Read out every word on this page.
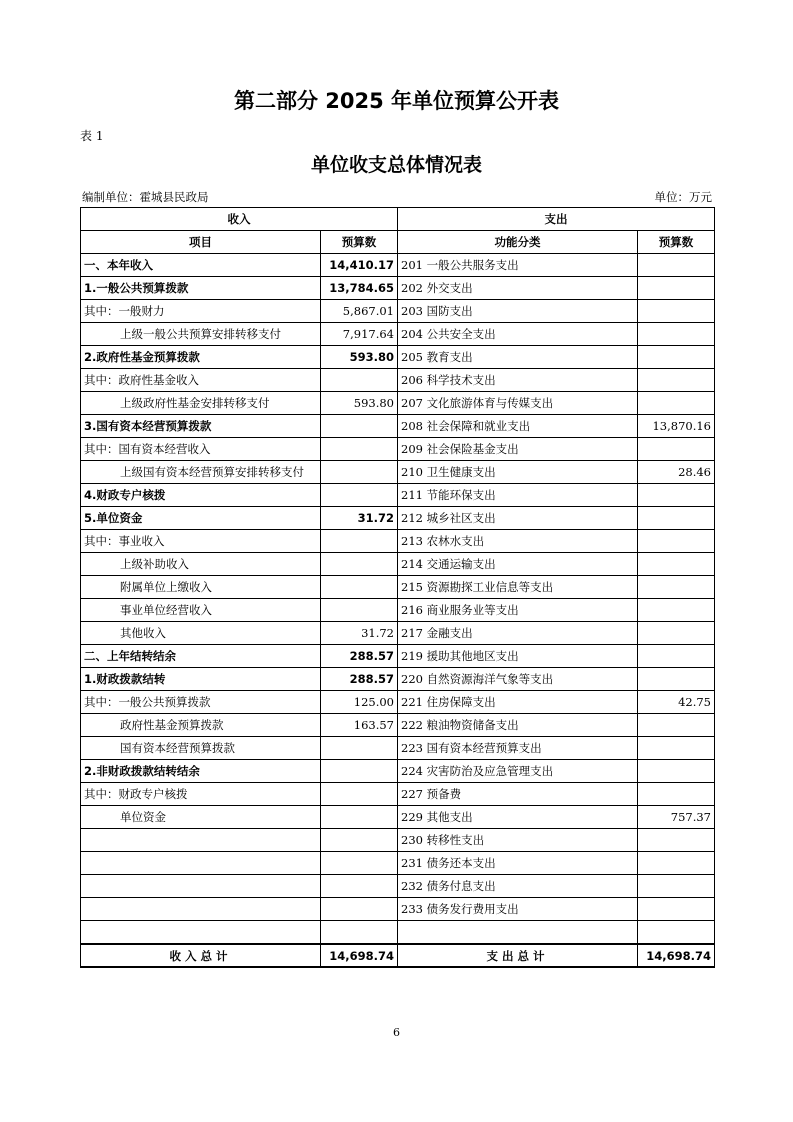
第二部分 2025 年单位预算公开表
表 1
单位收支总体情况表
编制单位：霍城县民政局	单位：万元
收入		支出	
项目	预算数	功能分类	预算数
一、本年收入	14,410.17	201 一般公共服务支出	
1.一般公共预算拨款	13,784.65	202 外交支出	
其中：一般财力	5,867.01	203 国防支出	
上级一般公共预算安排转移支付	7,917.64	204 公共安全支出	
2.政府性基金预算拨款	593.80	205 教育支出	
其中：政府性基金收入		206 科学技术支出	
上级政府性基金安排转移支付	593.80	207 文化旅游体育与传媒支出	
3.国有资本经营预算拨款		208 社会保障和就业支出	13,870.16
其中：国有资本经营收入		209 社会保险基金支出	
上级国有资本经营预算安排转移支付		210 卫生健康支出	28.46
4.财政专户核拨		211 节能环保支出	
5.单位资金	31.72	212 城乡社区支出	
其中：事业收入		213 农林水支出	
上级补助收入		214 交通运输支出	
附属单位上缴收入		215 资源勘探工业信息等支出	
事业单位经营收入		216 商业服务业等支出	
其他收入	31.72	217 金融支出	
二、上年结转结余	288.57	219 援助其他地区支出	
1.财政拨款结转	288.57	220 自然资源海洋气象等支出	
其中：一般公共预算拨款	125.00	221 住房保障支出	42.75
政府性基金预算拨款	163.57	222 粮油物资储备支出	
国有资本经营预算拨款		223 国有资本经营预算支出	
2.非财政拨款结转结余		224 灾害防治及应急管理支出	
其中：财政专户核拨		227 预备费	
单位资金		229 其他支出	757.37
		230 转移性支出	
		231 债务还本支出	
		232 债务付息支出	
		233 债务发行费用支出	

收入总计	14,698.74	支出总计	14,698.74
6
